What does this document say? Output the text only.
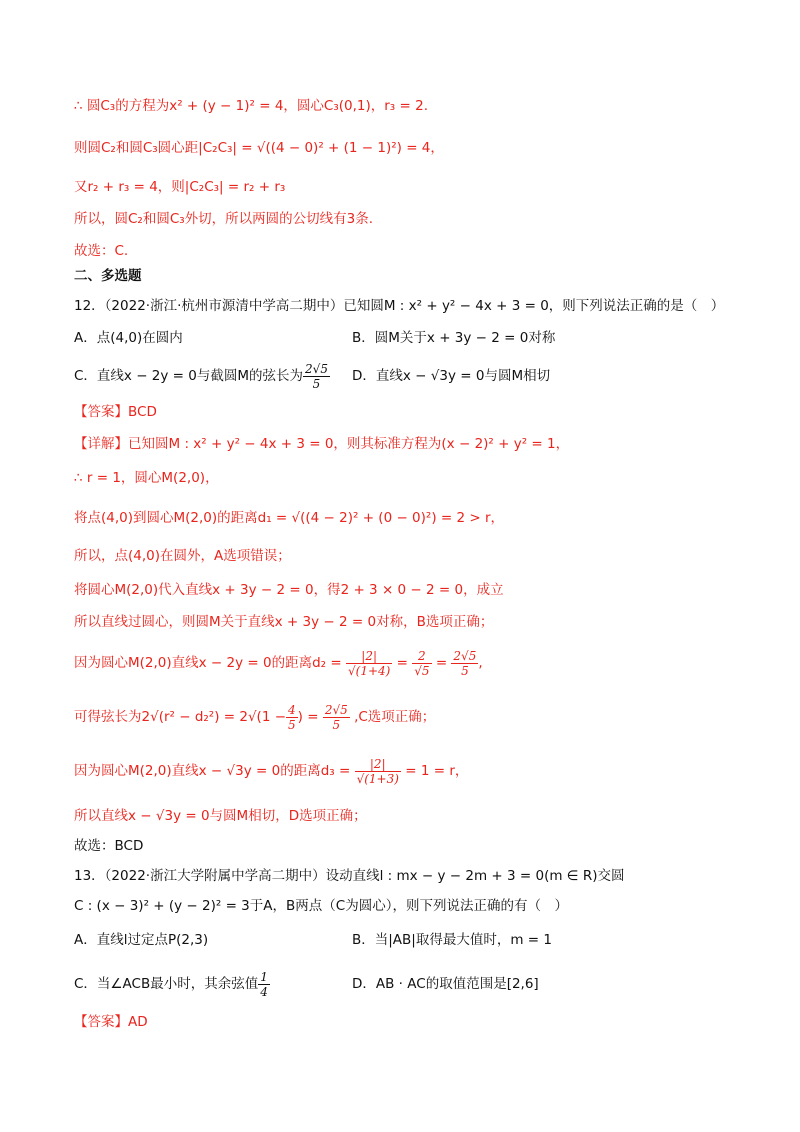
∴ 圆C₃的方程为x² + (y − 1)² = 4，圆心C₃(0,1)，r₃ = 2.
则圆C₂和圆C₃圆心距|C₂C₃| = √((4 − 0)² + (1 − 1)²) = 4，
又r₂ + r₃ = 4，则|C₂C₃| = r₂ + r₃
所以，圆C₂和圆C₃外切，所以两圆的公切线有3条.
故选：C.
二、多选题
12．（2022·浙江·杭州市源清中学高二期中）已知圆M : x² + y² − 4x + 3 = 0，则下列说法正确的是（　）
A．点(4,0)在圆内	B．圆M关于x + 3y − 2 = 0对称
C．直线x − 2y = 0与截圆M的弦长为 $\frac{2√5}{5}$ D．直线x − √3y = 0与圆M相切
【答案】BCD
【详解】已知圆M : x² + y² − 4x + 3 = 0，则其标准方程为(x − 2)² + y² = 1，
∴ r = 1，圆心M(2,0)，
将点(4,0)到圆心M(2,0)的距离d₁ = √((4 − 2)² + (0 − 0)²) = 2 > r，
所以，点(4,0)在圆外，A选项错误；
将圆心M(2,0)代入直线x + 3y − 2 = 0，得2 + 3 × 0 − 2 = 0，成立
所以直线过圆心，则圆M关于直线x + 3y − 2 = 0对称，B选项正确；
因为圆心M(2,0)直线x − 2y = 0的距离$d_2 = \frac{|2|}{√(1+4)} = \frac{2}{√5} = \frac{2√5}{5}$ ,
可得弦长为$2√(r^2 - d_2^2) = 2√(1 - \frac{4}{5}$ ) = $\frac{2√5}{5} ,C$选项正确；
因为圆心M(2,0)直线x − √3y = 0的距离$d_3 = \frac{|2|}{√(1+3)} = 1 = r$，
所以直线x − √3y = 0与圆M相切，D选项正确；
故选：BCD
13．（2022·浙江大学附属中学高二期中）设动直线l : mx − y − 2m + 3 = 0(m ∈ R)交圆
C : (x − 3)² + (y − 2)² = 3于A，B两点（C为圆心），则下列说法正确的有（　）
A．直线l过定点P(2,3)	B．当|AB|取得最大值时，m = 1
C．当∠ACB最小时，其余弦值 $\frac{1}{4}$	D．AB · AC的取值范围是[2,6]
【答案】AD
